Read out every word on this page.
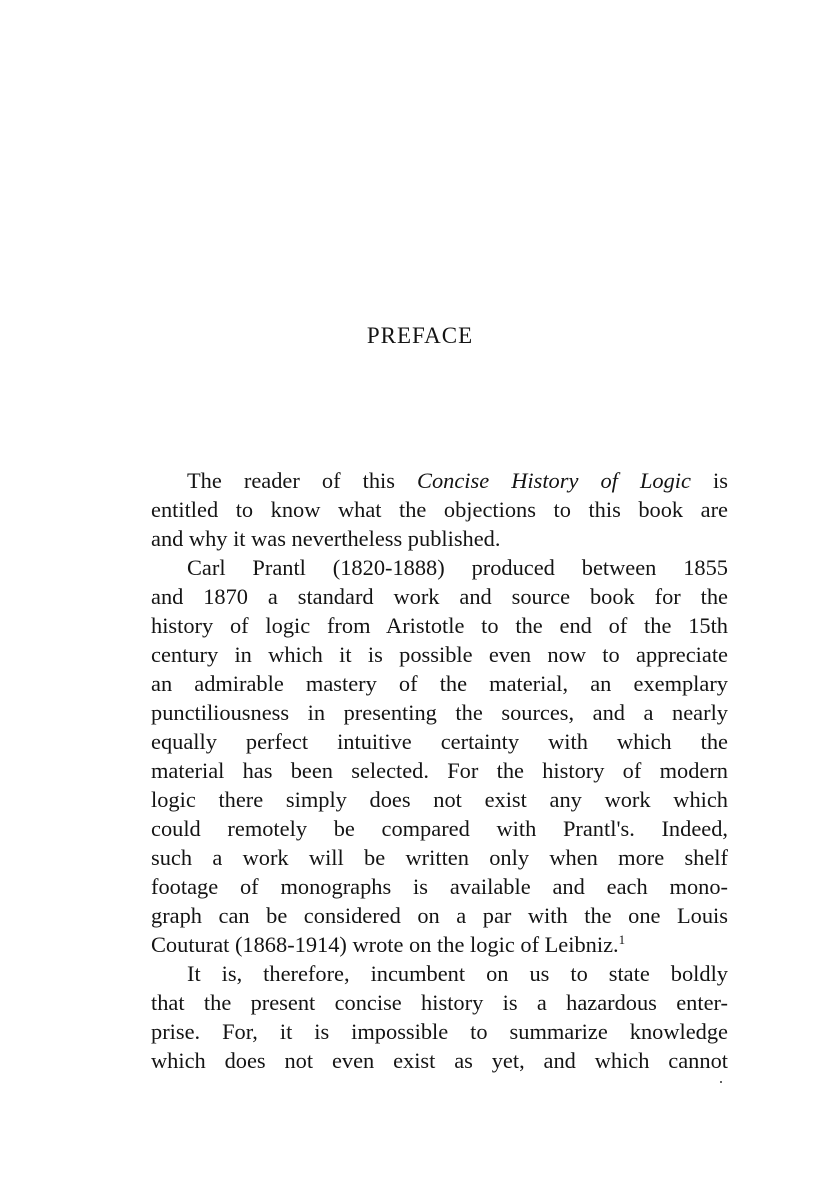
PREFACE

The reader of this Concise History of Logic is
entitled to know what the objections to this book are
and why it was nevertheless published.

Carl Prantl (1820-1888) produced between 1855
and 1870 a standard work and source book for the
history of logic from Aristotle to the end of the 15th
century in which it is possible even now to appreciate
an admirable mastery of the material, an exemplary
punctiliousness in presenting the sources, and a nearly
equally perfect intuitive certainty with which the
material has been selected. For the history of modern
logic there simply does not exist any work which
could remotely be compared with Prantl's. Indeed,
such a work will be written only when more shelf
footage of monographs is available and each mono-
graph can be considered on a par with the one Louis
Couturat (1868-1914) wrote on the logic of Leibniz.$^1$

It is, therefore, incumbent on us to state boldly
that the present concise history is a hazardous enter-
prise. For, it is impossible to summarize knowledge
which does not even exist as yet, and which cannot
